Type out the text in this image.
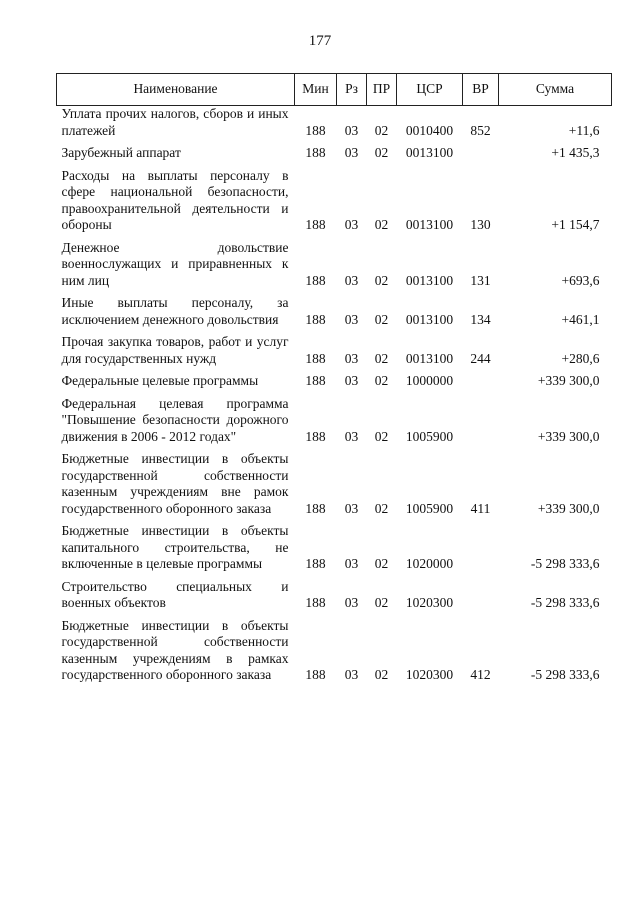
177
Наименование	Мин	Рз	ПР	ЦСР	ВР	Сумма
Уплата прочих налогов, сборов и иных платежей	188	03	02	0010400	852	+11,6

Зарубежный аппарат	188	03	02	0013100		+1 435,3

Расходы на выплаты персоналу в сфере национальной безопасности, правоохранительной деятельности и обороны	188	03	02	0013100	130	+1 154,7

Денежное довольствие военнослужащих и приравненных к ним лиц	188	03	02	0013100	131	+693,6

Иные выплаты персоналу, за исключением денежного довольствия	188	03	02	0013100	134	+461,1

Прочая закупка товаров, работ и услуг для государственных нужд	188	03	02	0013100	244	+280,6

Федеральные целевые программы	188	03	02	1000000		+339 300,0

Федеральная целевая программа "Повышение безопасности дорожного движения в 2006 - 2012 годах"	188	03	02	1005900		+339 300,0

Бюджетные инвестиции в объекты государственной собственности казенным учреждениям вне рамок государственного оборонного заказа	188	03	02	1005900	411	+339 300,0

Бюджетные инвестиции в объекты капитального строительства, не включенные в целевые программы	188	03	02	1020000		-5 298 333,6

Строительство специальных и военных объектов	188	03	02	1020300		-5 298 333,6

Бюджетные инвестиции в объекты государственной собственности казенным учреждениям в рамках государственного оборонного заказа	188	03	02	1020300	412	-5 298 333,6
